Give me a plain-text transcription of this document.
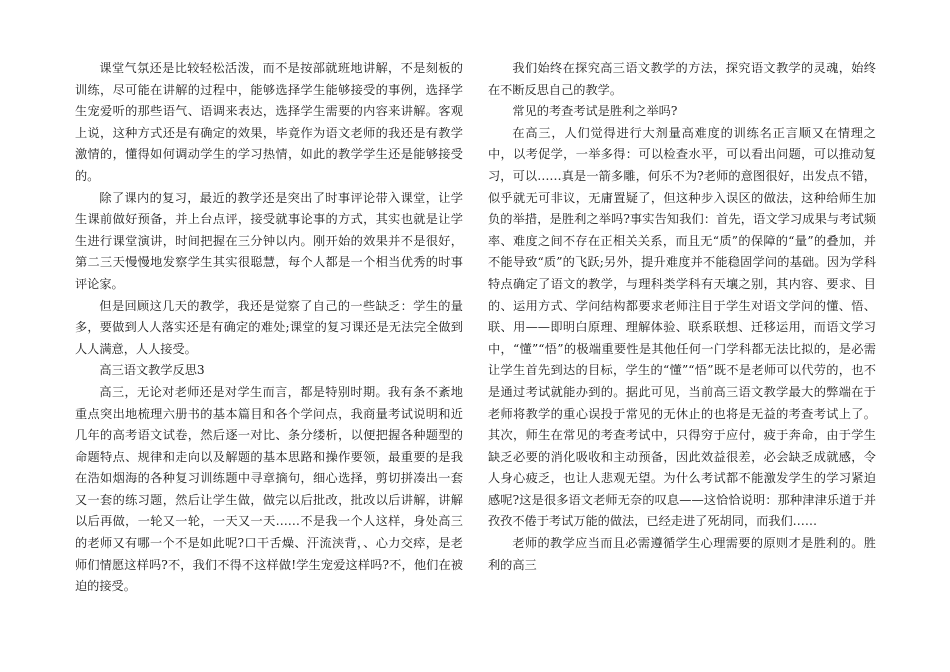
课堂气氛还是比较轻松活泼，而不是按部就班地讲解，不是刻板的训练，尽可能在讲解的过程中，能够选择学生能够接受的事例，选择学生宠爱听的那些语气、语调来表达，选择学生需要的内容来讲解。客观上说，这种方式还是有确定的效果，毕竟作为语文老师的我还是有教学激情的，懂得如何调动学生的学习热情，如此的教学学生还是能够接受的。

除了课内的复习，最近的教学还是突出了时事评论带入课堂，让学生课前做好预备，并上台点评，接受就事论事的方式，其实也就是让学生进行课堂演讲，时间把握在三分钟以内。刚开始的效果并不是很好，第二三天慢慢地发察学生其实很聪慧，每个人都是一个相当优秀的时事评论家。

但是回顾这几天的教学，我还是觉察了自己的一些缺乏：学生的量多，要做到人人落实还是有确定的难处;课堂的复习课还是无法完全做到人人满意，人人接受。

高三语文教学反思3

高三，无论对老师还是对学生而言，都是特别时期。我有条不紊地重点突出地梳理六册书的基本篇目和各个学问点，我商量考试说明和近几年的高考语文试卷，然后逐一对比、条分缕析，以便把握各种题型的命题特点、规律和走向以及解题的基本思路和操作要领，最重要的是我在浩如烟海的各种复习训练题中寻章摘句，细心选择，剪切拼凑出一套又一套的练习题，然后让学生做，做完以后批改，批改以后讲解，讲解以后再做，一轮又一轮，一天又一天……不是我一个人这样，身处高三的老师又有哪一个不是如此呢?口干舌燥、汗流浃背，、心力交瘁，是老师们情愿这样吗?不，我们不得不这样做!学生宠爱这样吗?不，他们在被迫的接受。

我们始终在探究高三语文教学的方法，探究语文教学的灵魂，始终在不断反思自己的教学。

常见的考查考试是胜利之举吗?

在高三，人们觉得进行大剂量高难度的训练名正言顺又在情理之中，以考促学，一举多得：可以检查水平，可以看出问题，可以推动复习，可以……真是一箭多雕，何乐不为?老师的意图很好，出发点不错，似乎就无可非议，无庸置疑了，但这种步入误区的做法，这种给师生加负的举措，是胜利之举吗?事实告知我们：首先，语文学习成果与考试频率、难度之间不存在正相关关系，而且无“质”的保障的“量”的叠加，并不能导致“质”的飞跃;另外，提升难度并不能稳固学问的基础。因为学科特点确定了语文的教学，与理科类学科有天壤之别，其内容、要求、目的、运用方式、学问结构都要求老师注目于学生对语文学问的懂、悟、联、用——即明白原理、理解体验、联系联想、迁移运用，而语文学习中，“懂”“悟”的极端重要性是其他任何一门学科都无法比拟的，是必需让学生首先到达的目标，学生的“懂”“悟”既不是老师可以代劳的，也不是通过考试就能办到的。据此可见，当前高三语文教学最大的弊端在于老师将教学的重心误投于常见的无休止的也将是无益的考查考试上了。其次，师生在常见的考查考试中，只得穷于应付，疲于奔命，由于学生缺乏必要的消化吸收和主动预备，因此效益很差，必会缺乏成就感，令人身心疲乏，也让人悲观无望。为什么考试都不能激发学生的学习紧迫感呢?这是很多语文老师无奈的叹息——这恰恰说明：那种津津乐道于并孜孜不倦于考试万能的做法，已经走进了死胡同，而我们……

老师的教学应当而且必需遵循学生心理需要的原则才是胜利的。胜利的高三
